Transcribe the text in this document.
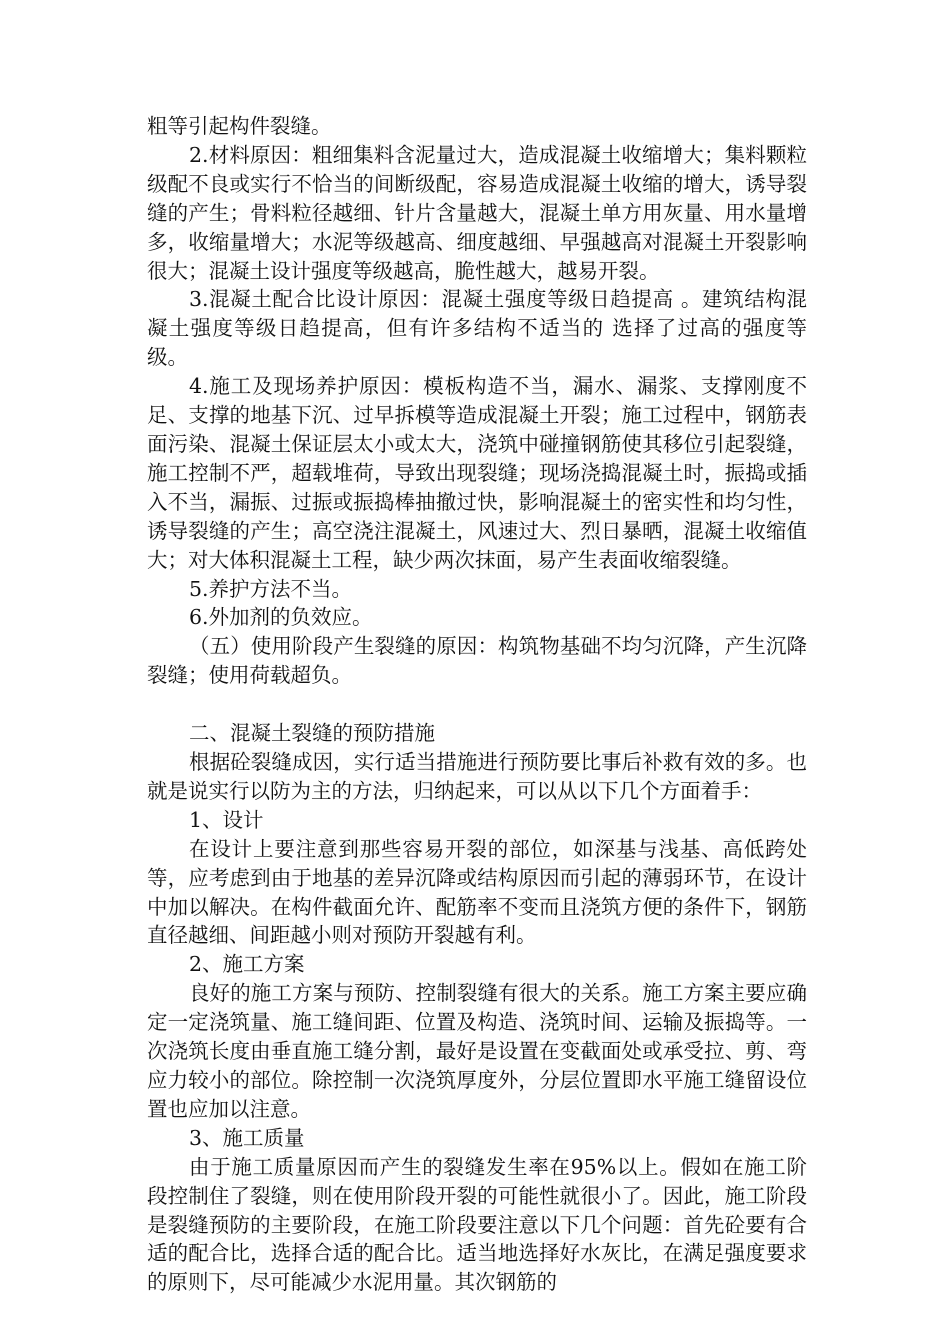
粗等引起构件裂缝。

2.材料原因：粗细集料含泥量过大，造成混凝土收缩增大；集料颗粒级配不良或实行不恰当的间断级配，容易造成混凝土收缩的增大，诱导裂缝的产生；骨料粒径越细、针片含量越大，混凝土单方用灰量、用水量增多，收缩量增大；水泥等级越高、细度越细、早强越高对混凝土开裂影响很大；混凝土设计强度等级越高，脆性越大，越易开裂。

3.混凝土配合比设计原因：混凝土强度等级日趋提高 。建筑结构混凝土强度等级日趋提高，但有许多结构不适当的 选择了过高的强度等级。

4.施工及现场养护原因：模板构造不当，漏水、漏浆、支撑刚度不足、支撑的地基下沉、过早拆模等造成混凝土开裂；施工过程中，钢筋表面污染、混凝土保证层太小或太大，浇筑中碰撞钢筋使其移位引起裂缝，施工控制不严，超载堆荷，导致出现裂缝；现场浇捣混凝土时，振捣或插入不当，漏振、过振或振捣棒抽撤过快，影响混凝土的密实性和均匀性，诱导裂缝的产生；高空浇注混凝土，风速过大、烈日暴晒，混凝土收缩值大；对大体积混凝土工程，缺少两次抹面，易产生表面收缩裂缝。

5.养护方法不当。

6.外加剂的负效应。

（五）使用阶段产生裂缝的原因：构筑物基础不均匀沉降，产生沉降裂缝；使用荷载超负。

二、混凝土裂缝的预防措施

根据砼裂缝成因，实行适当措施进行预防要比事后补救有效的多。也就是说实行以防为主的方法，归纳起来，可以从以下几个方面着手：

1、设计

在设计上要注意到那些容易开裂的部位，如深基与浅基、高低跨处等，应考虑到由于地基的差异沉降或结构原因而引起的薄弱环节，在设计中加以解决。在构件截面允许、配筋率不变而且浇筑方便的条件下，钢筋直径越细、间距越小则对预防开裂越有利。

2、施工方案

良好的施工方案与预防、控制裂缝有很大的关系。施工方案主要应确定一定浇筑量、施工缝间距、位置及构造、浇筑时间、运输及振捣等。一次浇筑长度由垂直施工缝分割，最好是设置在变截面处或承受拉、剪、弯应力较小的部位。除控制一次浇筑厚度外，分层位置即水平施工缝留设位置也应加以注意。

3、施工质量

由于施工质量原因而产生的裂缝发生率在95%以上。假如在施工阶段控制住了裂缝，则在使用阶段开裂的可能性就很小了。因此，施工阶段是裂缝预防的主要阶段，在施工阶段要注意以下几个问题：首先砼要有合适的配合比，选择合适的配合比。适当地选择好水灰比，在满足强度要求的原则下，尽可能减少水泥用量。其次钢筋的
